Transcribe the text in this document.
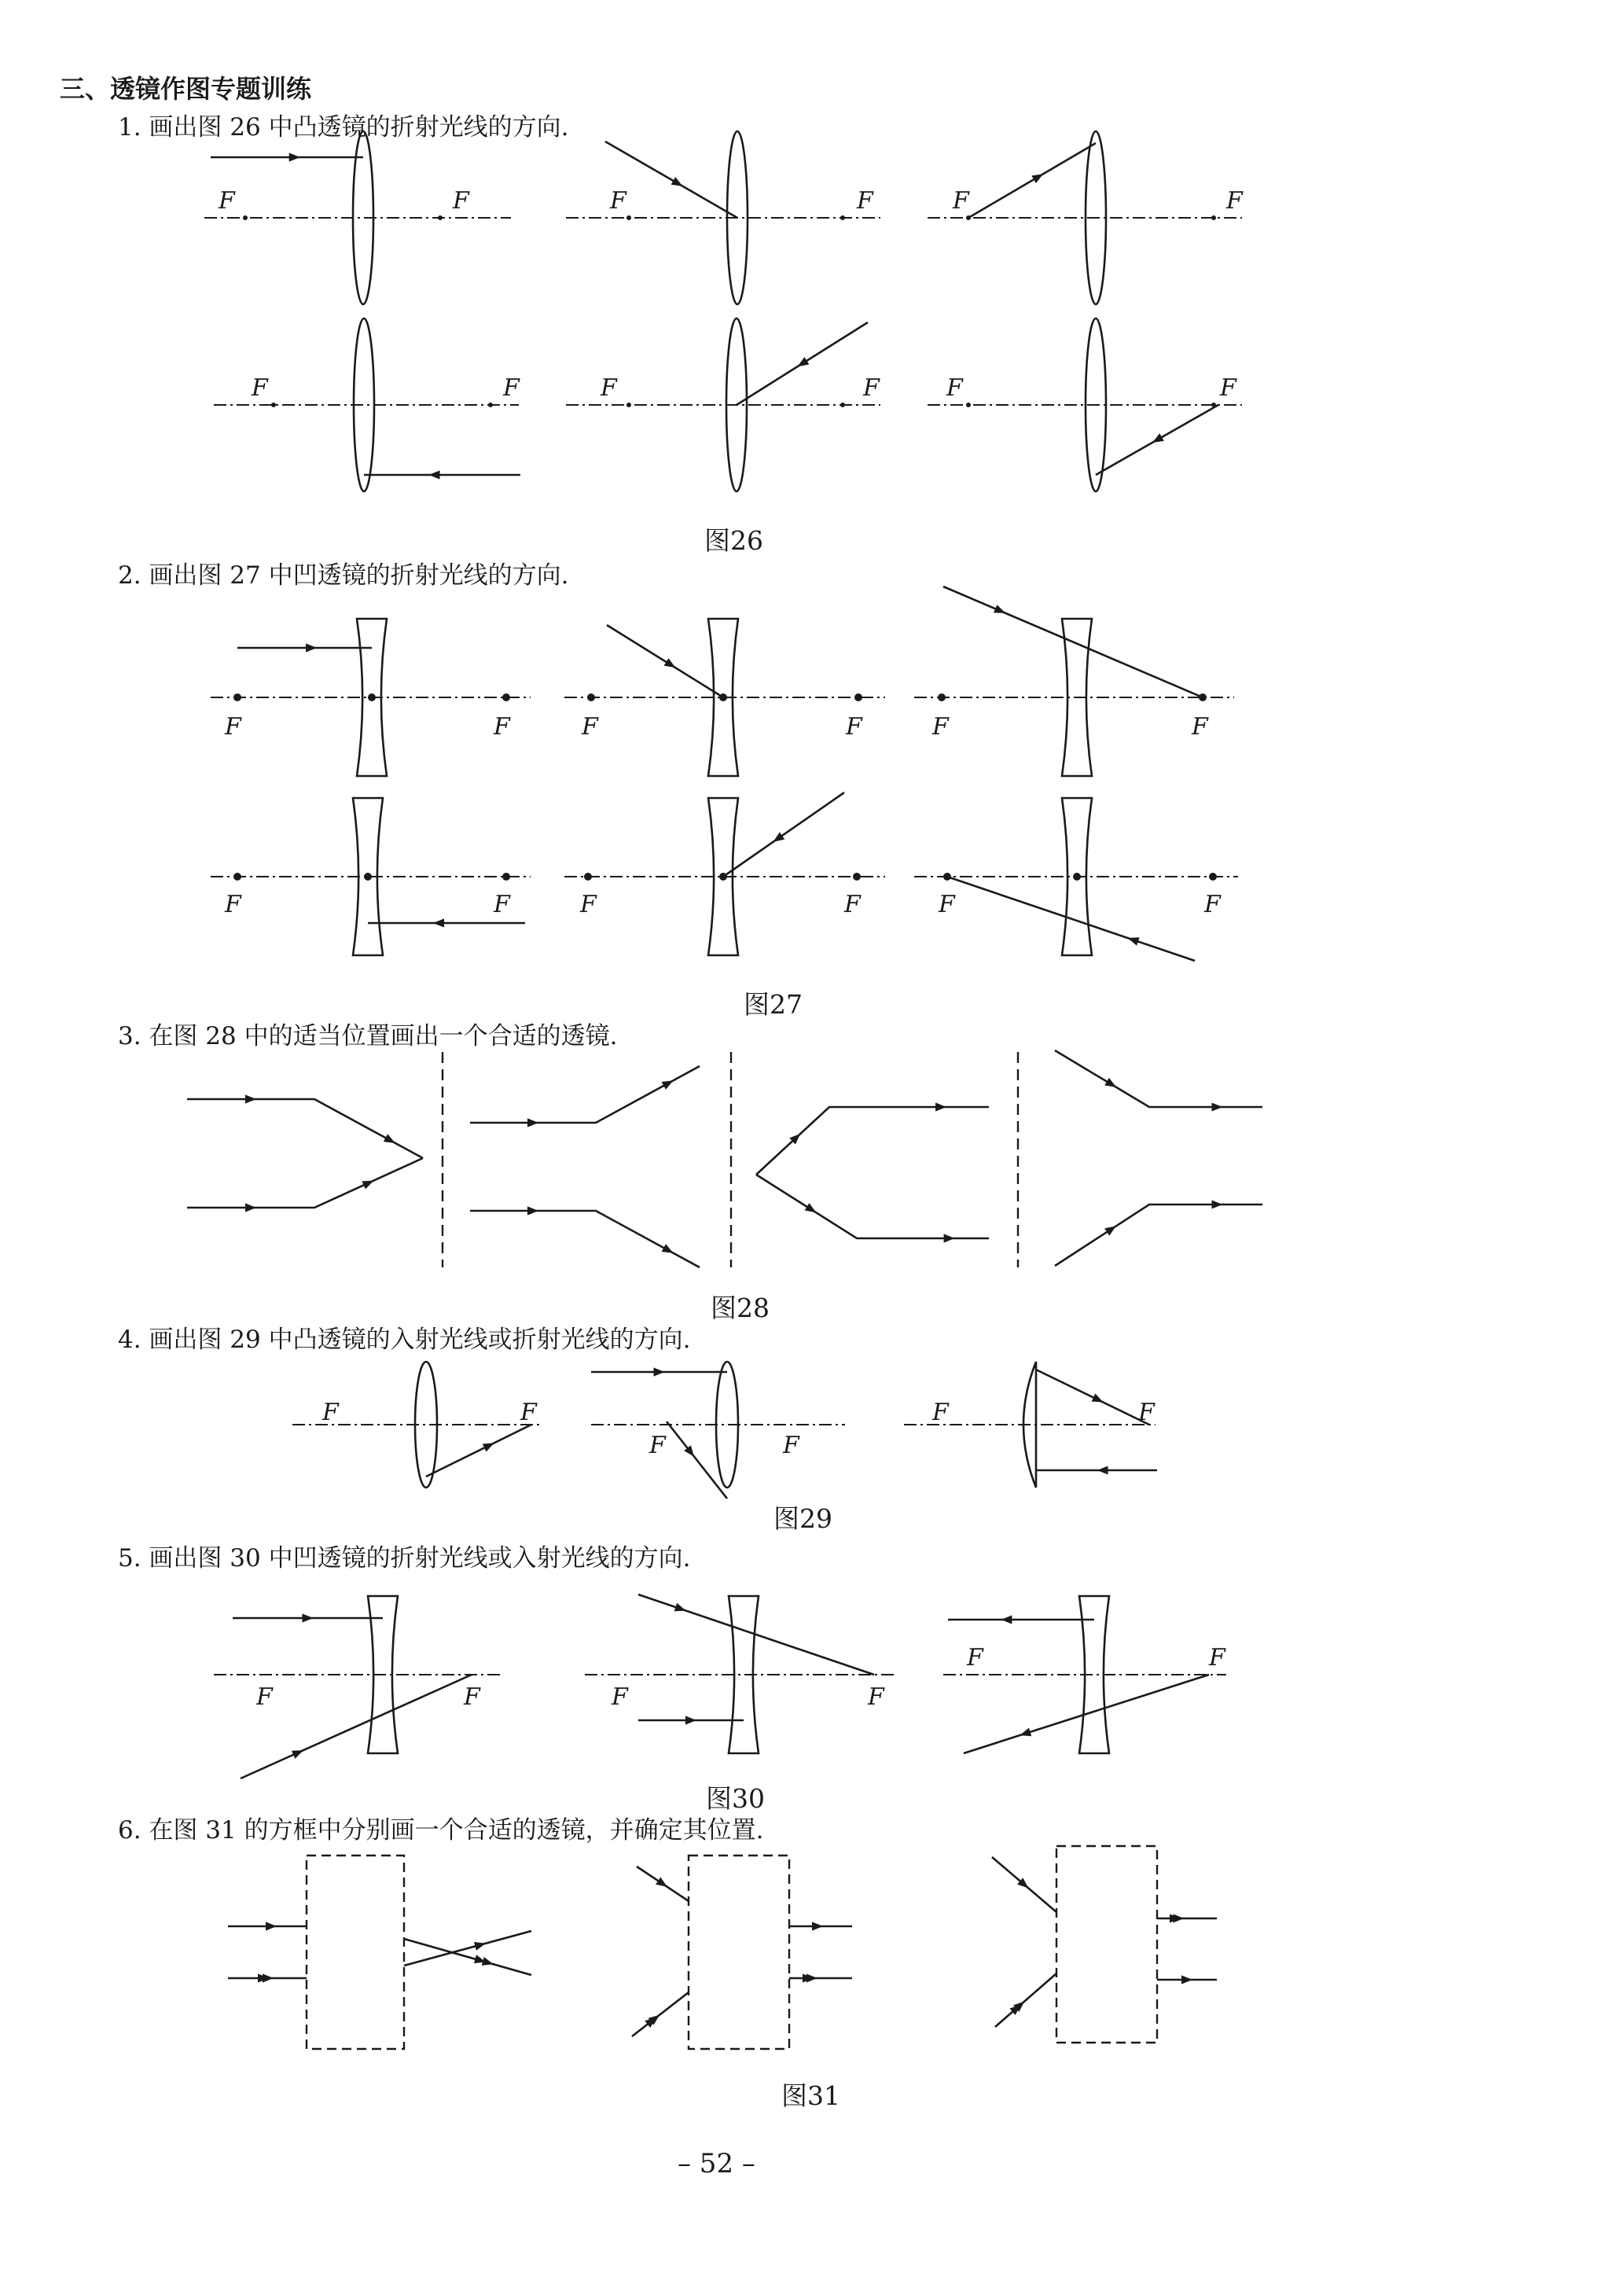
三、透镜作图专题训练
1. 画出图 26 中凸透镜的折射光线的方向.
2. 画出图 27 中凹透镜的折射光线的方向.
3. 在图 28 中的适当位置画出一个合适的透镜.
4. 画出图 29 中凸透镜的入射光线或折射光线的方向.
5. 画出图 30 中凹透镜的折射光线或入射光线的方向.
6. 在图 31 的方框中分别画一个合适的透镜，并确定其位置.
图26
图27
图28
图29
图30
图31
– 52 –
F	F	F	F	F	F
F	F	F	F	F	F
F	F	F	F	F	F
F	F	F	F	F	F
F	F
F	F
F	F
F	F	F	F
F	F
